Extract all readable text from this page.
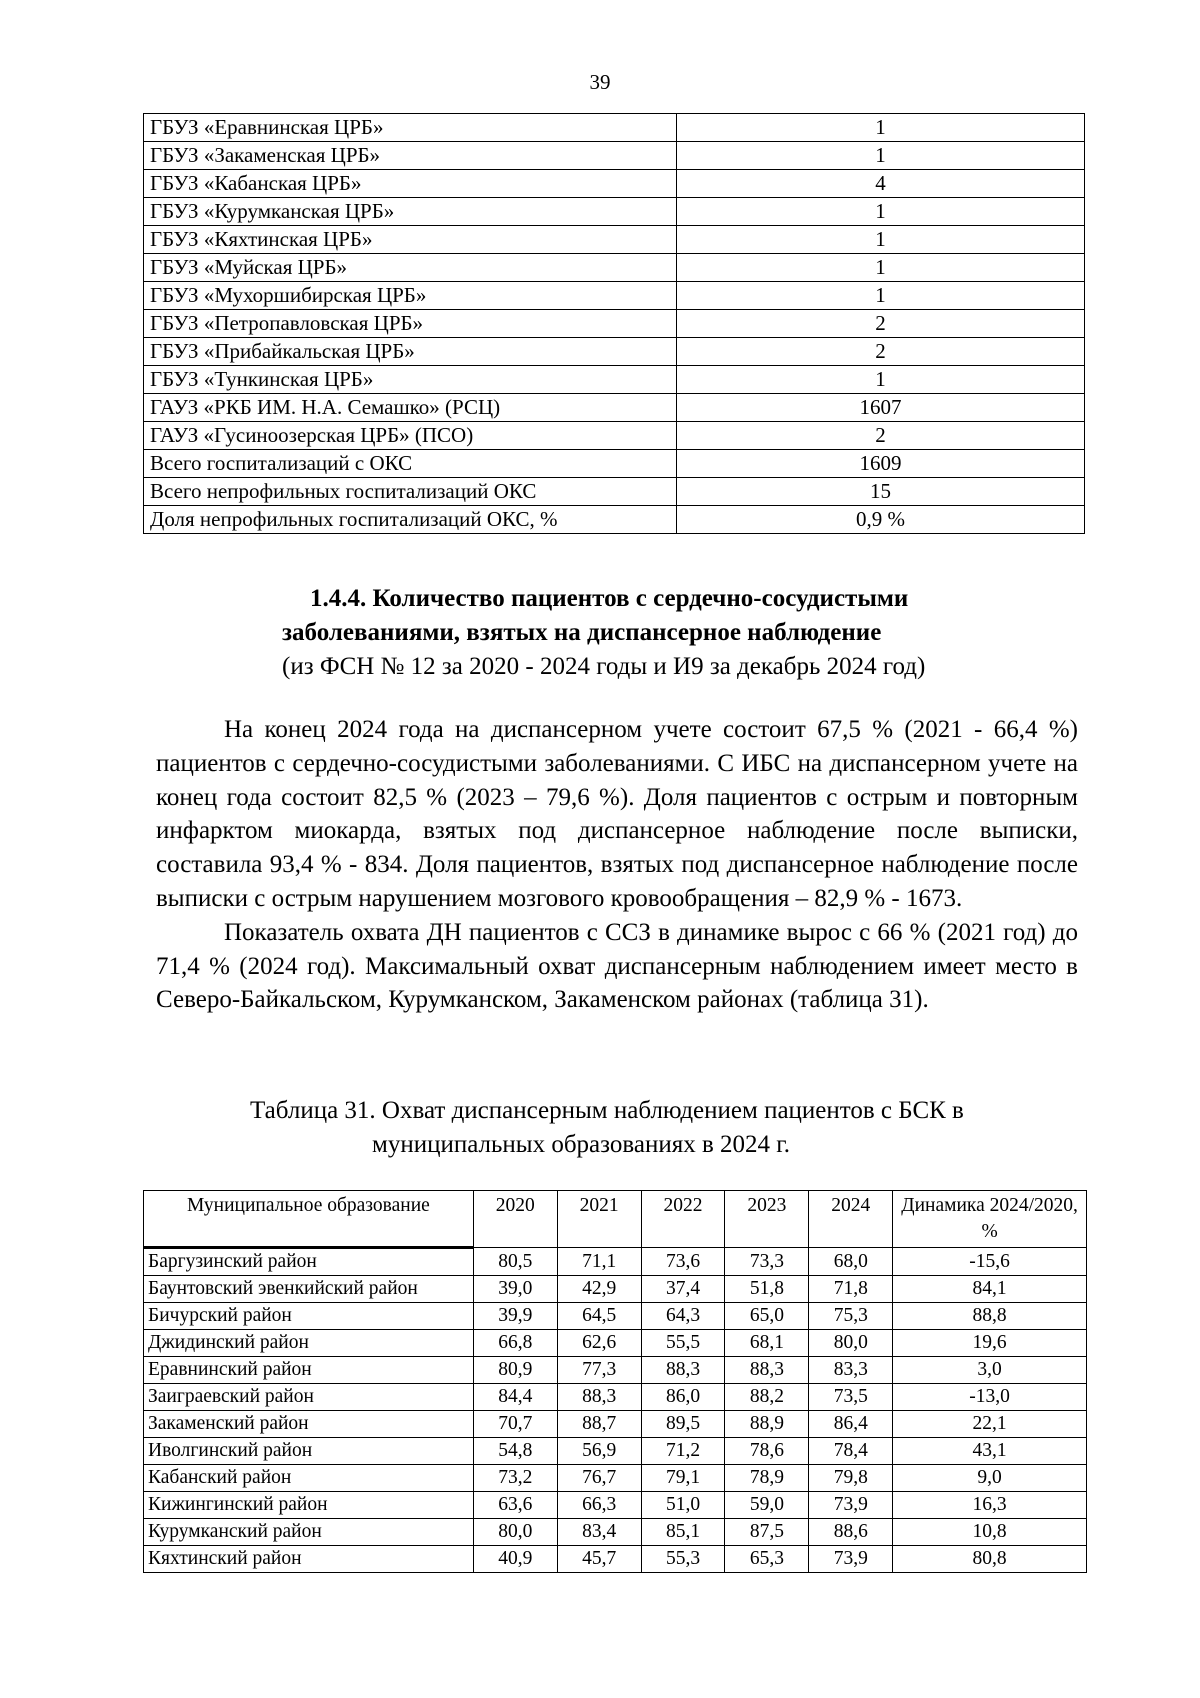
39
ГБУЗ «Еравнинская ЦРБ»	1
ГБУЗ «Закаменская ЦРБ»	1
ГБУЗ «Кабанская ЦРБ»	4
ГБУЗ «Курумканская ЦРБ»	1
ГБУЗ «Кяхтинская ЦРБ»	1
ГБУЗ «Муйская ЦРБ»	1
ГБУЗ «Мухоршибирская ЦРБ»	1
ГБУЗ «Петропавловская ЦРБ»	2
ГБУЗ «Прибайкальская ЦРБ»	2
ГБУЗ «Тункинская ЦРБ»	1
ГАУЗ «РКБ ИМ. Н.А. Семашко» (РСЦ)	1607
ГАУЗ «Гусиноозерская ЦРБ» (ПСО)	2
Всего госпитализаций с ОКС	1609
Всего непрофильных госпитализаций ОКС	15
Доля непрофильных госпитализаций ОКС, %	0,9 %
1.4.4. Количество пациентов с сердечно-сосудистыми
заболеваниями, взятых на диспансерное наблюдение
(из ФСН № 12 за 2020 - 2024 годы и И9 за декабрь 2024 год)

На конец 2024 года на диспансерном учете состоит 67,5 % (2021 - 66,4 %) пациентов с сердечно-сосудистыми заболеваниями. С ИБС на диспансерном учете на конец года состоит 82,5 % (2023 – 79,6 %). Доля пациентов с острым и повторным инфарктом миокарда, взятых под диспансерное наблюдение после выписки, составила 93,4 % - 834. Доля пациентов, взятых под диспансерное наблюдение после выписки с острым нарушением мозгового кровообращения – 82,9 % - 1673.

Показатель охвата ДН пациентов с ССЗ в динамике вырос с 66 % (2021 год) до 71,4 % (2024 год). Максимальный охват диспансерным наблюдением имеет место в Северо-Байкальском, Курумканском, Закаменском районах (таблица 31).

Таблица 31. Охват диспансерным наблюдением пациентов с БСК в
муниципальных образованиях в 2024 г.
Муниципальное образование	2020	2021	2022	2023	2024	Динамика 2024/2020, %
Баргузинский район	80,5	71,1	73,6	73,3	68,0	-15,6
Баунтовский эвенкийский район	39,0	42,9	37,4	51,8	71,8	84,1
Бичурский район	39,9	64,5	64,3	65,0	75,3	88,8
Джидинский район	66,8	62,6	55,5	68,1	80,0	19,6
Еравнинский район	80,9	77,3	88,3	88,3	83,3	3,0
Заиграевский район	84,4	88,3	86,0	88,2	73,5	-13,0
Закаменский район	70,7	88,7	89,5	88,9	86,4	22,1
Иволгинский район	54,8	56,9	71,2	78,6	78,4	43,1
Кабанский район	73,2	76,7	79,1	78,9	79,8	9,0
Кижингинский район	63,6	66,3	51,0	59,0	73,9	16,3
Курумканский район	80,0	83,4	85,1	87,5	88,6	10,8
Кяхтинский район	40,9	45,7	55,3	65,3	73,9	80,8
